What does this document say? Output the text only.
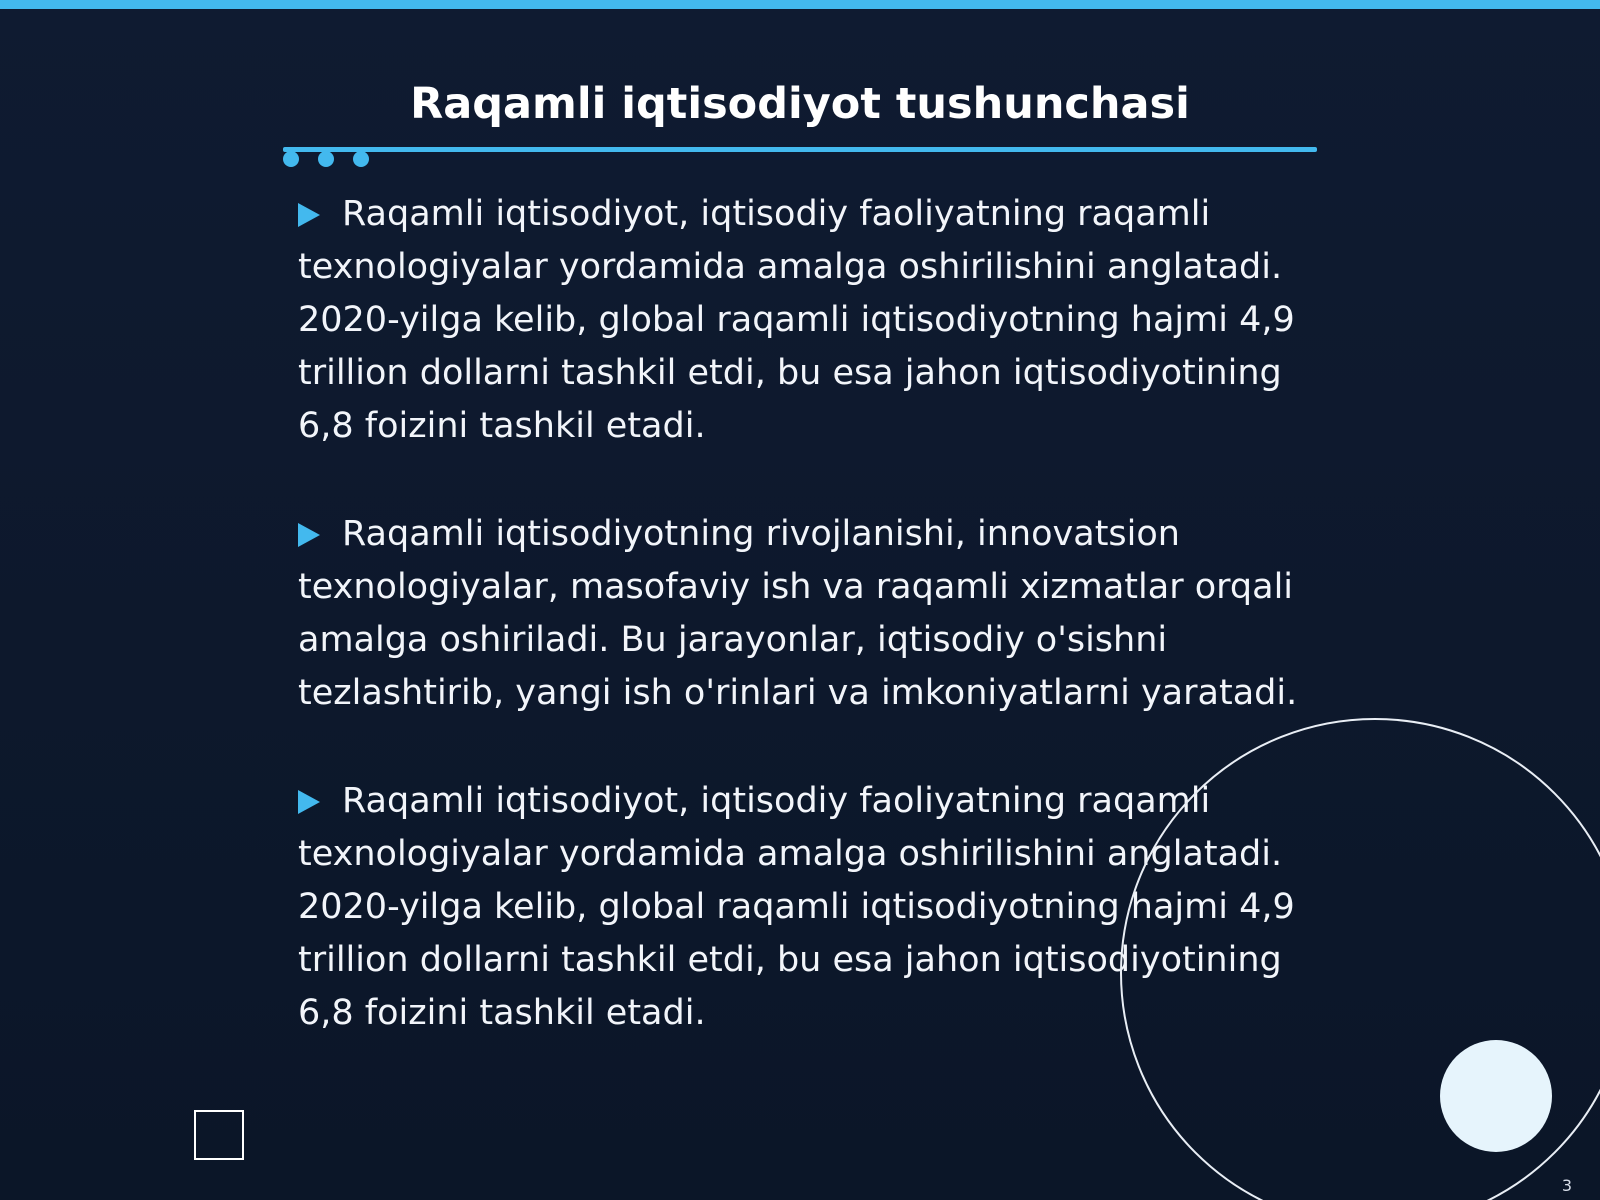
Raqamli iqtisodiyot tushunchasi

Raqamli iqtisodiyot, iqtisodiy faoliyatning raqamli texnologiyalar yordamida amalga oshirilishini anglatadi. 2020-yilga kelib, global raqamli iqtisodiyotning hajmi 4,9 trillion dollarni tashkil etdi, bu esa jahon iqtisodiyotining 6,8 foizini tashkil etadi.

Raqamli iqtisodiyotning rivojlanishi, innovatsion texnologiyalar, masofaviy ish va raqamli xizmatlar orqali amalga oshiriladi. Bu jarayonlar, iqtisodiy o'sishni tezlashtirib, yangi ish o'rinlari va imkoniyatlarni yaratadi.

Raqamli iqtisodiyot, iqtisodiy faoliyatning raqamli texnologiyalar yordamida amalga oshirilishini anglatadi. 2020-yilga kelib, global raqamli iqtisodiyotning hajmi 4,9 trillion dollarni tashkil etdi, bu esa jahon iqtisodiyotining 6,8 foizini tashkil etadi.

3
